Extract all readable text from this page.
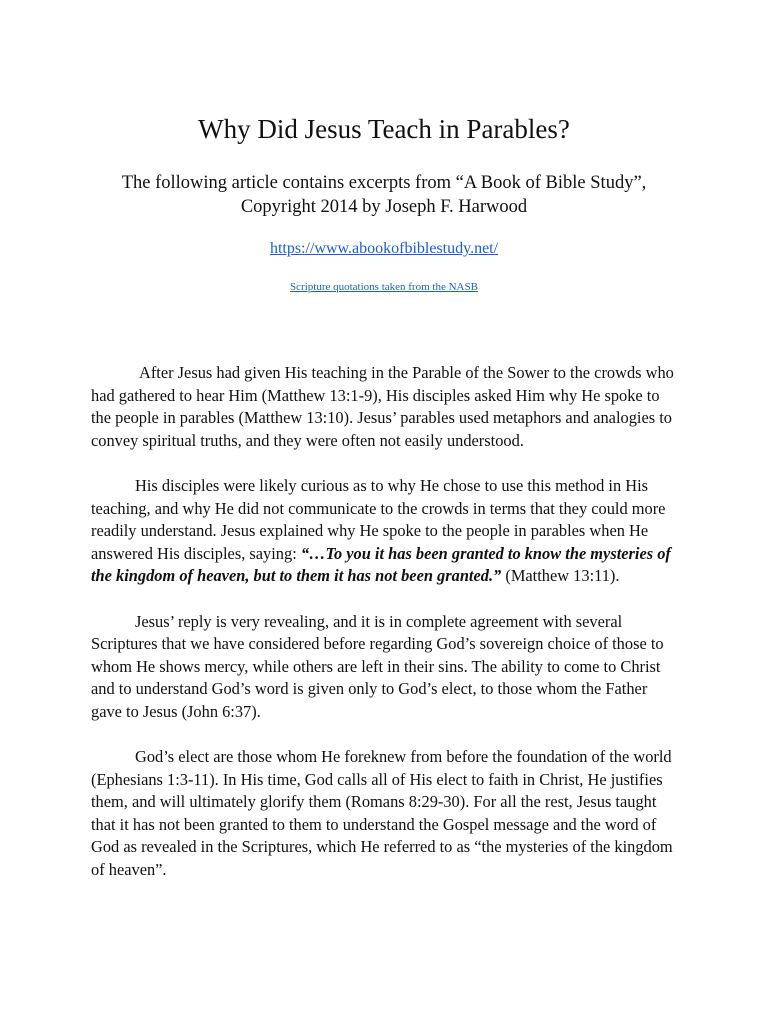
Why Did Jesus Teach in Parables?
The following article contains excerpts from “A Book of Bible Study”,
Copyright 2014 by Joseph F. Harwood
https://www.abookofbiblestudy.net/
Scripture quotations taken from the NASB

After Jesus had given His teaching in the Parable of the Sower to the crowds who had gathered to hear Him (Matthew 13:1-9), His disciples asked Him why He spoke to the people in parables (Matthew 13:10). Jesus’ parables used metaphors and analogies to convey spiritual truths, and they were often not easily understood.

His disciples were likely curious as to why He chose to use this method in His teaching, and why He did not communicate to the crowds in terms that they could more readily understand. Jesus explained why He spoke to the people in parables when He answered His disciples, saying: “…To you it has been granted to know the mysteries of the kingdom of heaven, but to them it has not been granted.” (Matthew 13:11).

Jesus’ reply is very revealing, and it is in complete agreement with several Scriptures that we have considered before regarding God’s sovereign choice of those to whom He shows mercy, while others are left in their sins. The ability to come to Christ and to understand God’s word is given only to God’s elect, to those whom the Father gave to Jesus (John 6:37).

God’s elect are those whom He foreknew from before the foundation of the world (Ephesians 1:3-11). In His time, God calls all of His elect to faith in Christ, He justifies them, and will ultimately glorify them (Romans 8:29-30). For all the rest, Jesus taught that it has not been granted to them to understand the Gospel message and the word of God as revealed in the Scriptures, which He referred to as “the mysteries of the kingdom of heaven”.
